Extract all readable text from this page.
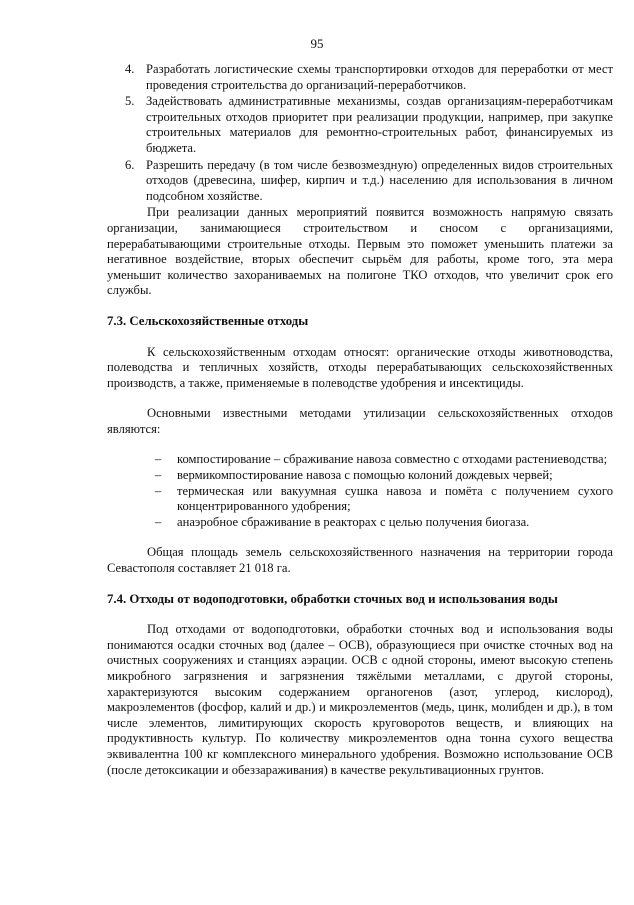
95
4. Разработать логистические схемы транспортировки отходов для переработки от мест проведения строительства до организаций-переработчиков.
5. Задействовать административные механизмы, создав организациям-переработчикам строительных отходов приоритет при реализации продукции, например, при закупке строительных материалов для ремонтно-строительных работ, финансируемых из бюджета.
6. Разрешить передачу (в том числе безвозмездную) определенных видов строительных отходов (древесина, шифер, кирпич и т.д.) населению для использования в личном подсобном хозяйстве.

При реализации данных мероприятий появится возможность напрямую связать организации, занимающиеся строительством и сносом с организациями, перерабатывающими строительные отходы. Первым это поможет уменьшить платежи за негативное воздействие, вторых обеспечит сырьём для работы, кроме того, эта мера уменьшит количество захораниваемых на полигоне ТКО отходов, что увеличит срок его службы.

7.3. Сельскохозяйственные отходы

К сельскохозяйственным отходам относят: органические отходы животноводства, полеводства и тепличных хозяйств, отходы перерабатывающих сельскохозяйственных производств, а также, применяемые в полеводстве удобрения и инсектициды.

Основными известными методами утилизации сельскохозяйственных отходов являются:

– компостирование – сбраживание навоза совместно с отходами растениеводства;
– вермикомпостирование навоза с помощью колоний дождевых червей;
– термическая или вакуумная сушка навоза и помёта с получением сухого концентрированного удобрения;
– анаэробное сбраживание в реакторах с целью получения биогаза.

Общая площадь земель сельскохозяйственного назначения на территории города Севастополя составляет 21 018 га.

7.4. Отходы от водоподготовки, обработки сточных вод и использования воды

Под отходами от водоподготовки, обработки сточных вод и использования воды понимаются осадки сточных вод (далее – ОСВ), образующиеся при очистке сточных вод на очистных сооружениях и станциях аэрации. ОСВ с одной стороны, имеют высокую степень микробного загрязнения и загрязнения тяжёлыми металлами, с другой стороны, характеризуются высоким содержанием органогенов (азот, углерод, кислород), макроэлементов (фосфор, калий и др.) и микроэлементов (медь, цинк, молибден и др.), в том числе элементов, лимитирующих скорость круговоротов веществ, и влияющих на продуктивность культур. По количеству микроэлементов одна тонна сухого вещества эквивалентна 100 кг комплексного минерального удобрения. Возможно использование ОСВ (после детоксикации и обеззараживания) в качестве рекультивационных грунтов.
